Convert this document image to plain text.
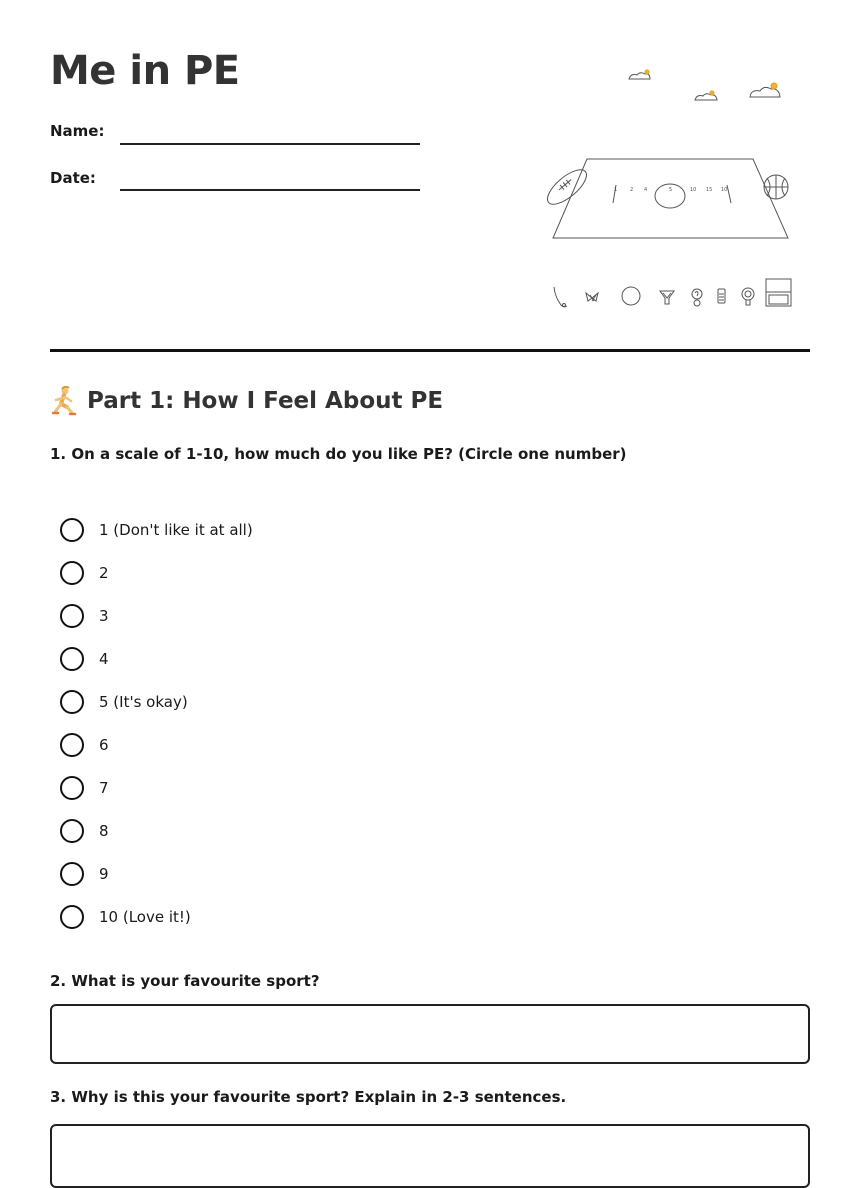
Me in PE
Name:
Date:
1	2 4	5	10 15 10
Part 1: How I Feel About PE
1. On a scale of 1-10, how much do you like PE? (Circle one number)
1 (Don't like it at all)
2
3
4
5 (It's okay)
6
7
8
9
10 (Love it!)
2. What is your favourite sport?
3. Why is this your favourite sport? Explain in 2-3 sentences.
